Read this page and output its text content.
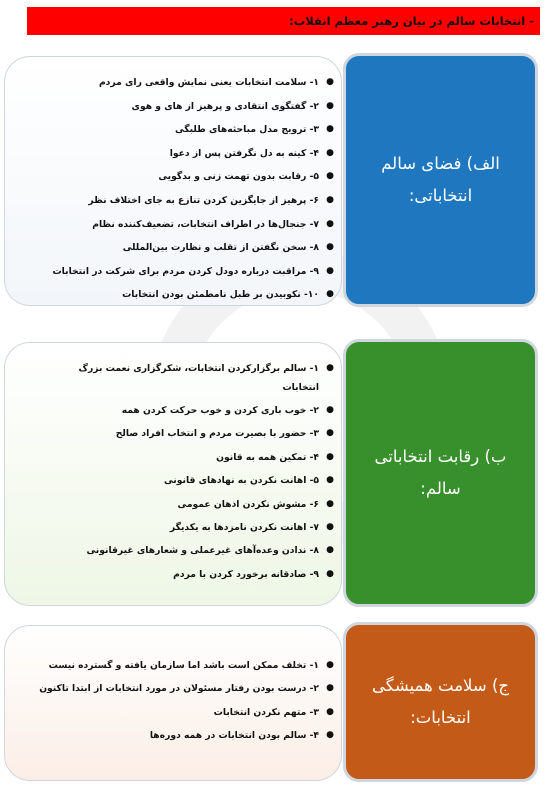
- انتخابات سالم در بیان رهبر معظم انقلاب:
●
۱- سلامت انتخابات یعنی نمایش واقعی رای مردم
●
۲- گفتگوی انتقادی و پرهیز از های و هوی
●
۳- ترویج مدل مباحثه‌های طلبگی
●
۴- کینه به دل نگرفتن پس از دعوا
●
۵- رقابت بدون تهمت زنی و بدگویی
●
۶- پرهیز از جایگزین کردن تنازع به جای اختلاف نظر
●
۷- جنجال‌ها در اطراف انتخابات، تضعیف‌کننده نظام
●
۸- سخن نگفتن از تقلب و نظارت بین‌المللی
●
۹- مراقبت درباره دودل کردن مردم برای شرکت در انتخابات
●
۱۰- نکوبیدن بر طبل نامطمئن بودن انتخابات
الف) فضای سالم انتخاباتی:
●
۱- سالم برگزارکردن انتخابات، شکرگزاری نعمت بزرگ انتخابات
●
۲- خوب باری کردن و خوب حرکت کردن همه
●
۳- حضور با بصیرت مردم و انتخاب افراد صالح
●
۴- تمکین همه به قانون
●
۵- اهانت نکردن به نهادهای قانونی
●
۶- مشوش نکردن اذهان عمومی
●
۷- اهانت نکردن نامزدها به یکدیگر
●
۸- ندادن وعده‌آهای غیرعملی و شعارهای غیرقانونی
●
۹- صادقانه برخورد کردن با مردم
ب) رقابت انتخاباتی سالم:
●
۱- تخلف ممکن است باشد اما سازمان یافته و گسترده نیست
●
۲- درست بودن رفتار مسئولان در مورد انتخابات از ابتدا تاکنون
●
۳- متهم نکردن انتخابات
●
۴- سالم بودن انتخابات در همه دوره‌ها
ج) سلامت همیشگی انتخابات:
